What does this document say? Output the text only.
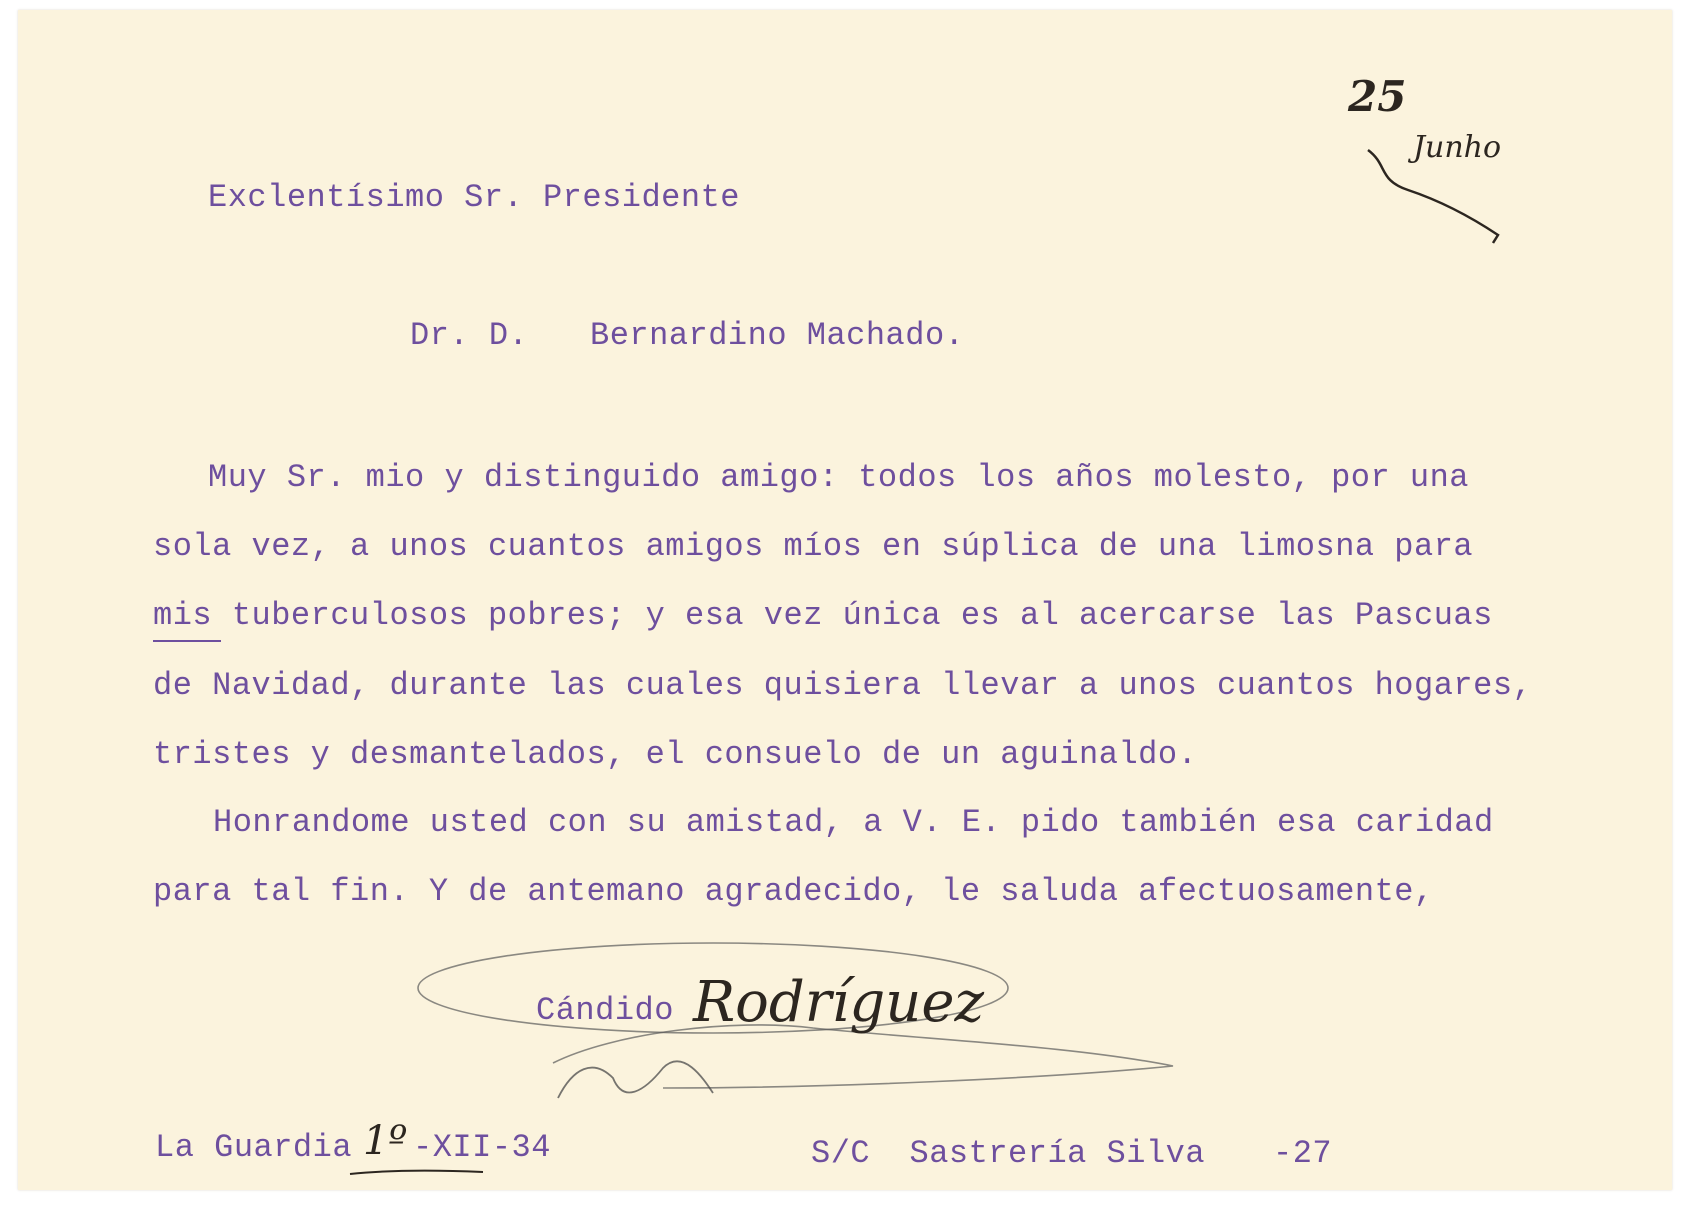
25
Junho
Exclentísimo Sr. Presidente
Dr. D. Bernardino Machado.
Muy Sr. mio y distinguido amigo: todos los años molesto, por una
sola vez, a unos cuantos amigos míos en súplica de una limosna para
mis tuberculosos pobres; y esa vez única es al acercarse las Pascuas
de Navidad, durante las cuales quisiera llevar a unos cuantos hogares,
tristes y desmantelados, el consuelo de un aguinaldo.
Honrandome usted con su amistad, a V. E. pido también esa caridad
para tal fin. Y de antemano agradecido, le saluda afectuosamente,
Cándido Rodríguez
La Guardia 1º -XII-34	S/C  Sastrería Silva -27
